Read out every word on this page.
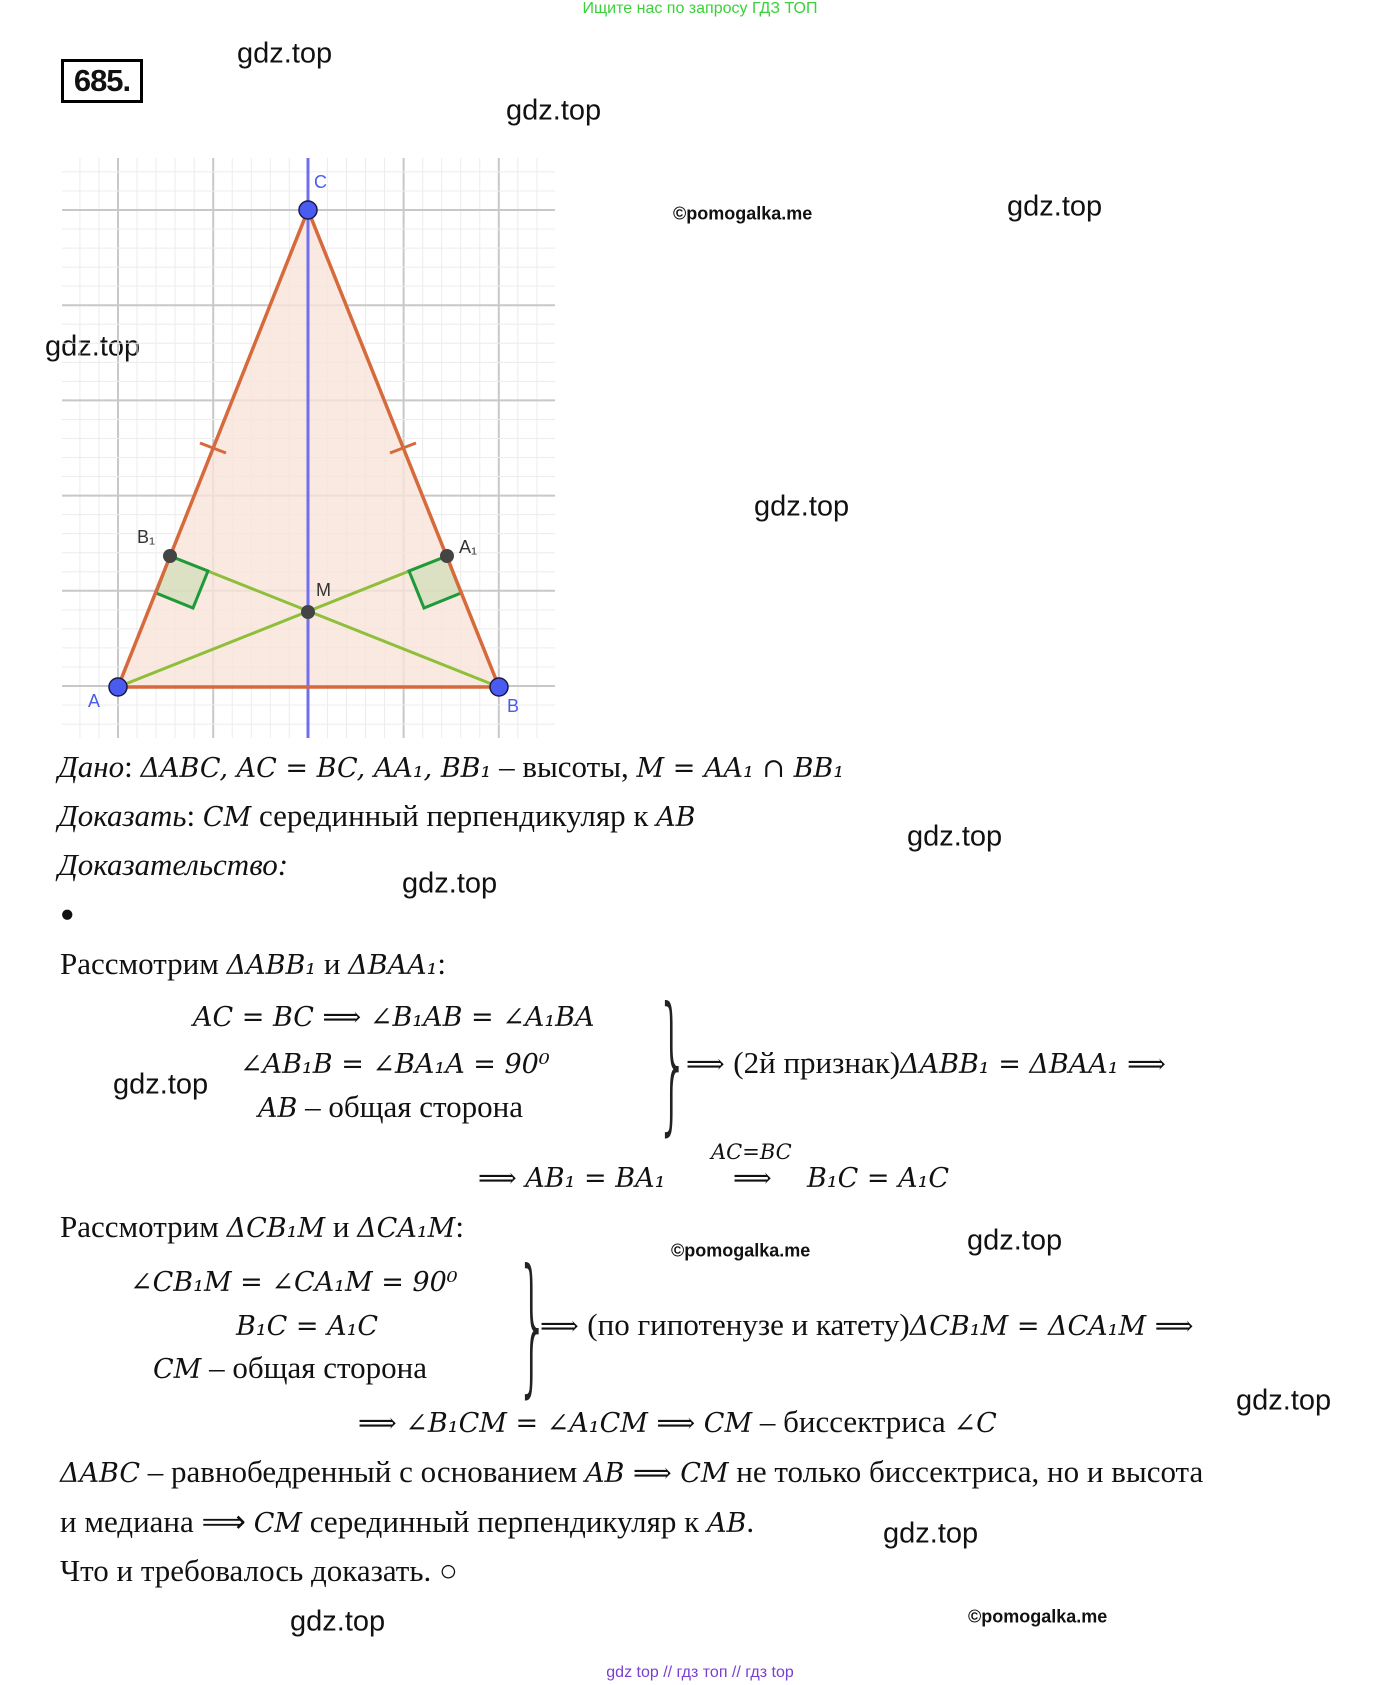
Ищите нас по запросу ГДЗ ТОП
685.
gdz.top
gdz.top
gdz.top
gdz.top
gdz.top
gdz.top
gdz.top
gdz.top
gdz.top
gdz.top
gdz.top
gdz.top
©pomogalka.me
©pomogalka.me
©pomogalka.me
C
A	B
M
B₁	A₁
Дано: ΔABC, AC = BC, AA₁, BB₁ – высоты, M = AA₁ ∩ BB₁
Доказать: CM серединный перпендикуляр к AB
Доказательство:
●
Рассмотрим ΔABB₁ и ΔBAA₁:
AC = BC ⟹ ∠B₁AB = ∠A₁BA
∠AB₁B = ∠BA₁A = 90⁰
AB – общая сторона }
⟹ (2й признак)ΔABB₁ = ΔBAA₁ ⟹
AC=BC
⟹ AB₁ = BA₁	⟹ B₁C = A₁C
Рассмотрим ΔCB₁M и ΔCA₁M:
∠CB₁M = ∠CA₁M = 90⁰
B₁C = A₁C
CM – общая сторона }
⟹ (по гипотенузе и катету)ΔCB₁M = ΔCA₁M ⟹
⟹ ∠B₁CM = ∠A₁CM ⟹ CM – биссектриса ∠C
ΔABC – равнобедренный с основанием AB ⟹ CM не только биссектриса, но и высота
и медиана ⟹ CM серединный перпендикуляр к AB.
Что и требовалось доказать. ○
gdz top // гдз топ // гдз top
